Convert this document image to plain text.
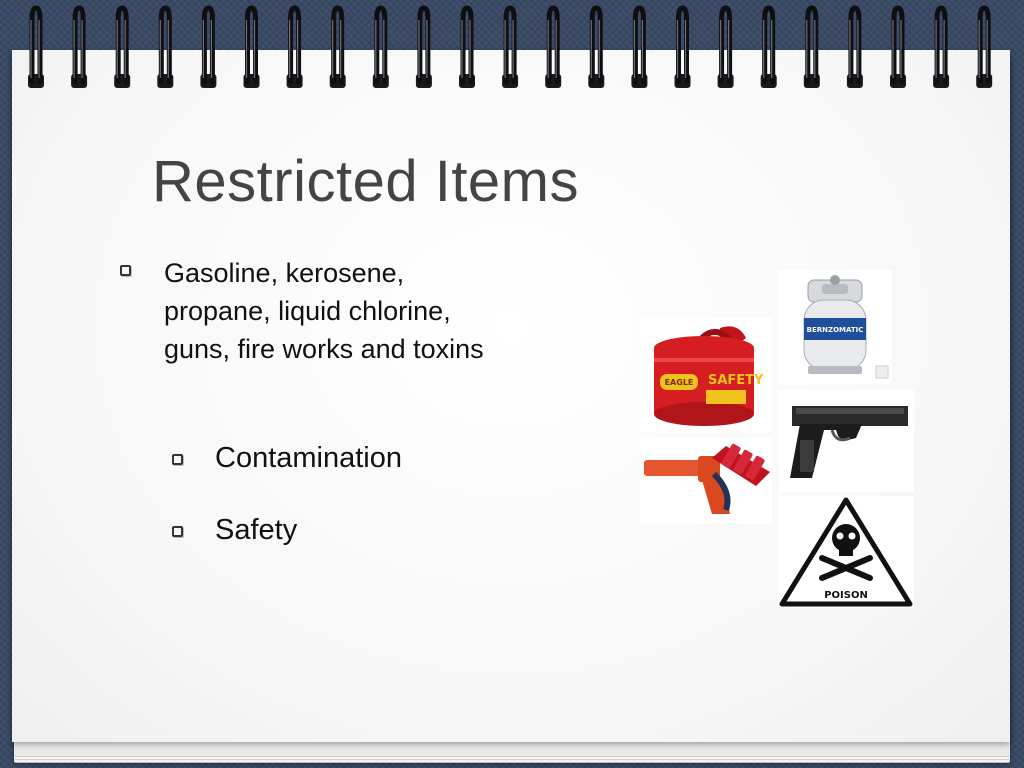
Restricted Items
Gasoline, kerosene, propane, liquid chlorine, guns, fire works and toxins
Contamination
Safety
BERNZOMATIC
EAGLE SAFETY
POISON
